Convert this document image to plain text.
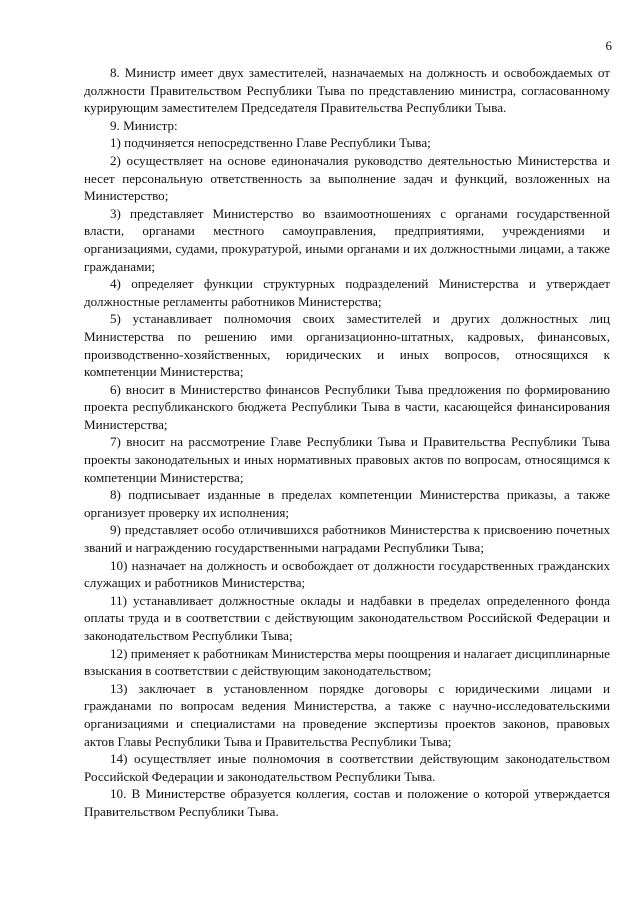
6

8. Министр имеет двух заместителей, назначаемых на должность и освобождаемых от должности Правительством Республики Тыва по представлению министра, согласованному курирующим заместителем Председателя Правительства Республики Тыва.

9. Министр:

1) подчиняется непосредственно Главе Республики Тыва;

2) осуществляет на основе единоначалия руководство деятельностью Министерства и несет персональную ответственность за выполнение задач и функций, возложенных на Министерство;

3) представляет Министерство во взаимоотношениях с органами государственной власти, органами местного самоуправления, предприятиями, учреждениями и организациями, судами, прокуратурой, иными органами и их должностными лицами, а также гражданами;

4) определяет функции структурных подразделений Министерства и утверждает должностные регламенты работников Министерства;

5) устанавливает полномочия своих заместителей и других должностных лиц Министерства по решению ими организационно-штатных, кадровых, финансовых, производственно-хозяйственных, юридических и иных вопросов, относящихся к компетенции Министерства;

6) вносит в Министерство финансов Республики Тыва предложения по формированию проекта республиканского бюджета Республики Тыва в части, касающейся финансирования Министерства;

7) вносит на рассмотрение Главе Республики Тыва и Правительства Республики Тыва проекты законодательных и иных нормативных правовых актов по вопросам, относящимся к компетенции Министерства;

8) подписывает изданные в пределах компетенции Министерства приказы, а также организует проверку их исполнения;

9) представляет особо отличившихся работников Министерства к присвоению почетных званий и награждению государственными наградами Республики Тыва;

10) назначает на должность и освобождает от должности государственных гражданских служащих и работников Министерства;

11) устанавливает должностные оклады и надбавки в пределах определенного фонда оплаты труда и в соответствии с действующим законодательством Российской Федерации и законодательством Республики Тыва;

12) применяет к работникам Министерства меры поощрения и налагает дисциплинарные взыскания в соответствии с действующим законодательством;

13) заключает в установленном порядке договоры с юридическими лицами и гражданами по вопросам ведения Министерства, а также с научно-исследовательскими организациями и специалистами на проведение экспертизы проектов законов, правовых актов Главы Республики Тыва и Правительства Республики Тыва;

14) осуществляет иные полномочия в соответствии действующим законодательством Российской Федерации и законодательством Республики Тыва.

10. В Министерстве образуется коллегия, состав и положение о которой утверждается Правительством Республики Тыва.
